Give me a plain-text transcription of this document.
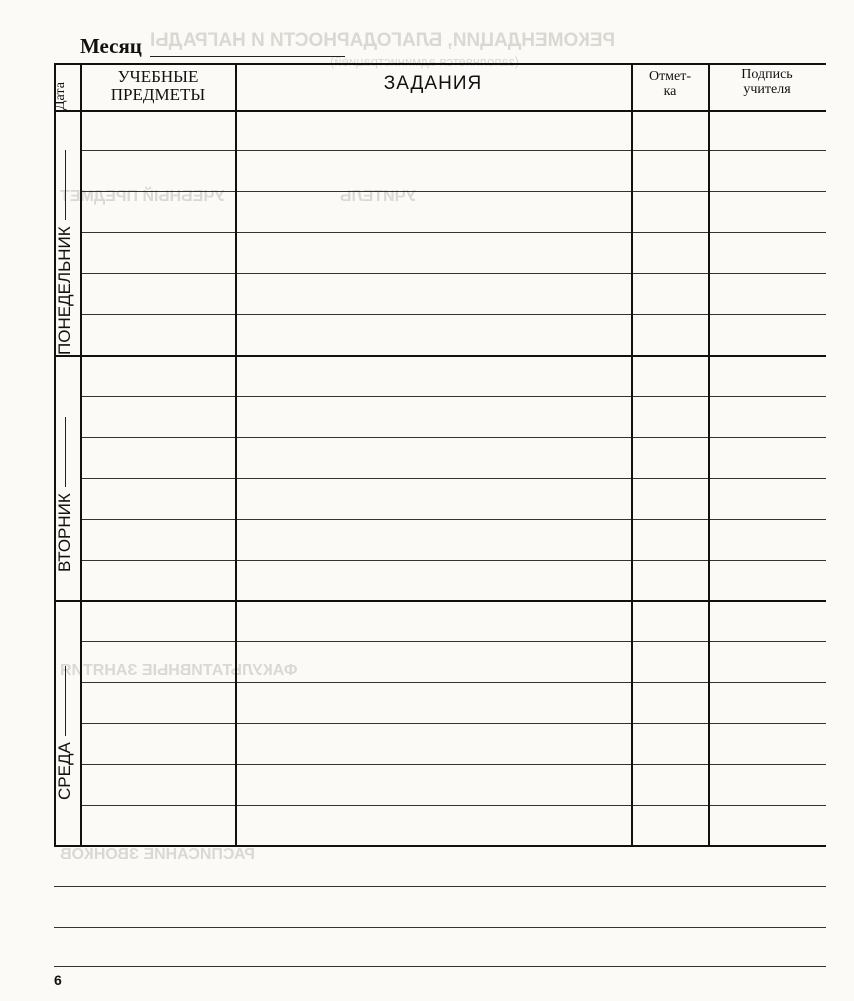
РЕКОМЕНДАЦИИ, БЛАГОДАРНОСТИ И НАГРАДЫ
(заполняется администрацией)
УЧЕБНЫЙ ПРЕДМЕТ	УЧИТЕЛЬ
ФАКУЛЬТАТИВНЫЕ ЗАНЯТИЯ
РАСПИСАНИЕ ЗВОНКОВ
Месяц
Дата
УЧЕБНЫЕ
ПРЕДМЕТЫ
ЗАДАНИЯ	Отмет-
ка
Подпись
учителя
ПОНЕДЕЛЬНИК
ВТОРНИК
СРЕДА
6
